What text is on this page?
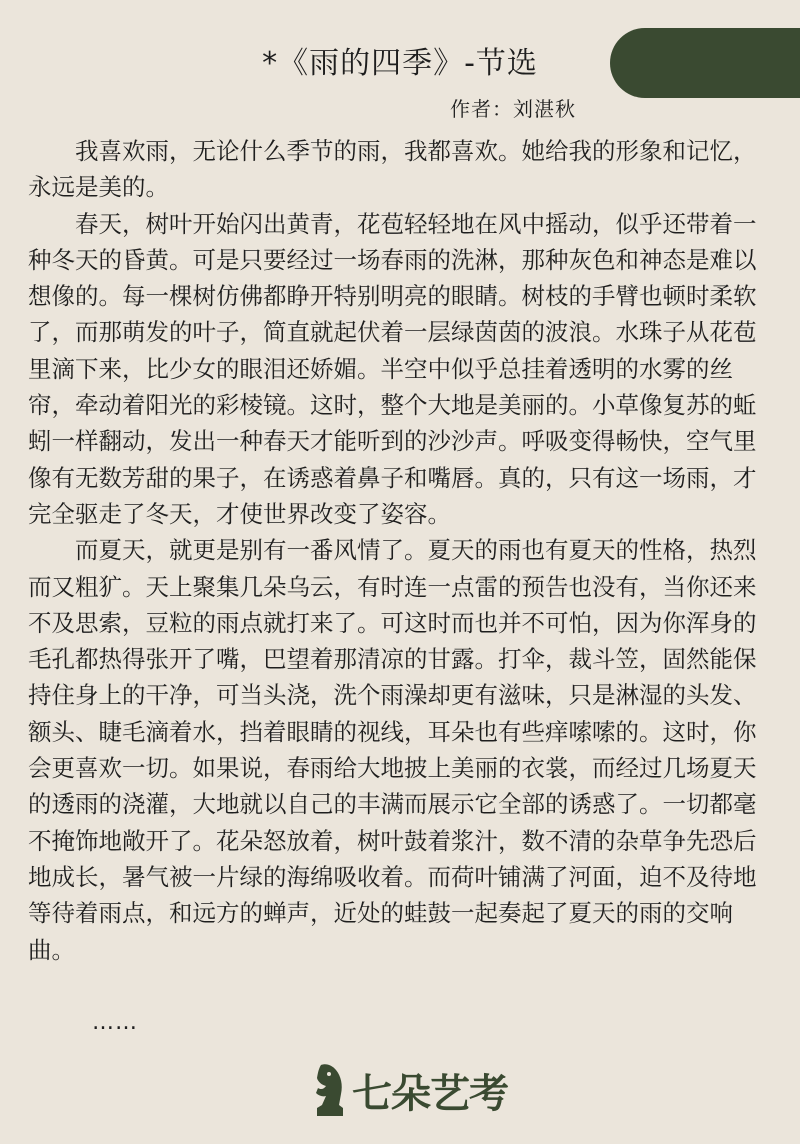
*《雨的四季》-节选
作者：刘湛秋

我喜欢雨，无论什么季节的雨，我都喜欢。她给我的形象和记忆，永远是美的。

春天，树叶开始闪出黄青，花苞轻轻地在风中摇动，似乎还带着一种冬天的昏黄。可是只要经过一场春雨的洗淋，那种灰色和神态是难以想像的。每一棵树仿佛都睁开特别明亮的眼睛。树枝的手臂也顿时柔软了，而那萌发的叶子，简直就起伏着一层绿茵茵的波浪。水珠子从花苞里滴下来，比少女的眼泪还娇媚。半空中似乎总挂着透明的水雾的丝帘，牵动着阳光的彩棱镜。这时，整个大地是美丽的。小草像复苏的蚯蚓一样翻动，发出一种春天才能听到的沙沙声。呼吸变得畅快，空气里像有无数芳甜的果子，在诱惑着鼻子和嘴唇。真的，只有这一场雨，才完全驱走了冬天，才使世界改变了姿容。

而夏天，就更是别有一番风情了。夏天的雨也有夏天的性格，热烈而又粗犷。天上聚集几朵乌云，有时连一点雷的预告也没有，当你还来不及思索，豆粒的雨点就打来了。可这时而也并不可怕，因为你浑身的毛孔都热得张开了嘴，巴望着那清凉的甘露。打伞，裁斗笠，固然能保持住身上的干净，可当头浇，洗个雨澡却更有滋味，只是淋湿的头发、额头、睫毛滴着水，挡着眼睛的视线，耳朵也有些痒嗦嗦的。这时，你会更喜欢一切。如果说，春雨给大地披上美丽的衣裳，而经过几场夏天的透雨的浇灌，大地就以自己的丰满而展示它全部的诱惑了。一切都毫不掩饰地敞开了。花朵怒放着，树叶鼓着浆汁，数不清的杂草争先恐后地成长，暑气被一片绿的海绵吸收着。而荷叶铺满了河面，迫不及待地等待着雨点，和远方的蝉声，近处的蛙鼓一起奏起了夏天的雨的交响曲。

……
七朵艺考
